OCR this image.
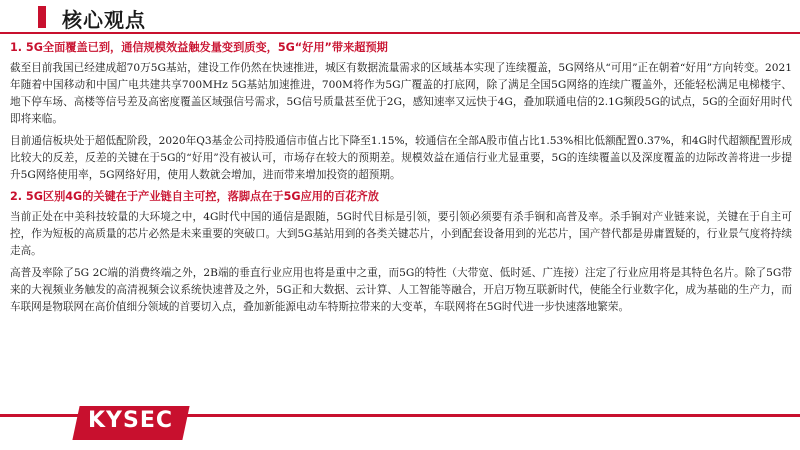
核心观点
1. 5G全面覆盖已到，通信规模效益触发量变到质变，5G“好用”带来超预期

截至目前我国已经建成超70万5G基站，建设工作仍然在快速推进，城区有数据流量需求的区域基本实现了连续覆盖，5G网络从“可用”正在朝着“好用”方向转变。2021年随着中国移动和中国广电共建共享700MHz 5G基站加速推进，700M将作为5G广覆盖的打底网，除了满足全国5G网络的连续广覆盖外，还能轻松满足电梯楼宇、地下停车场、高楼等信号差及高密度覆盖区域强信号需求，5G信号质量甚至优于2G，感知速率又远快于4G，叠加联通电信的2.1G频段5G的试点，5G的全面好用时代即将来临。

目前通信板块处于超低配阶段，2020年Q3基金公司持股通信市值占比下降至1.15%，较通信在全部A股市值占比1.53%相比低额配置0.37%，和4G时代超额配置形成比较大的反差，反差的关键在于5G的“好用”没有被认可，市场存在较大的预期差。规模效益在通信行业尤显重要，5G的连续覆盖以及深度覆盖的边际改善将进一步提升5G网络使用率，5G网络好用，使用人数就会增加，进而带来增加投资的超预期。

2. 5G区别4G的关键在于产业链自主可控，落脚点在于5G应用的百花齐放

当前正处在中美科技较量的大环境之中，4G时代中国的通信是跟随，5G时代目标是引领，要引领必须要有杀手锏和高普及率。杀手锏对产业链来说，关键在于自主可控，作为短板的高质量的芯片必然是未来重要的突破口。大到5G基站用到的各类关键芯片，小到配套设备用到的光芯片，国产替代都是毋庸置疑的，行业景气度将持续走高。

高普及率除了5G 2C端的消费终端之外，2B端的垂直行业应用也将是重中之重，而5G的特性（大带宽、低时延、广连接）注定了行业应用将是其特色名片。除了5G带来的大视频业务触发的高清视频会议系统快速普及之外，5G正和大数据、云计算、人工智能等融合，开启万物互联新时代，使能全行业数字化，成为基础的生产力，而车联网是物联网在高价值细分领域的首要切入点，叠加新能源电动车特斯拉带来的大变革，车联网将在5G时代进一步快速落地繁荣。

KYSEC
